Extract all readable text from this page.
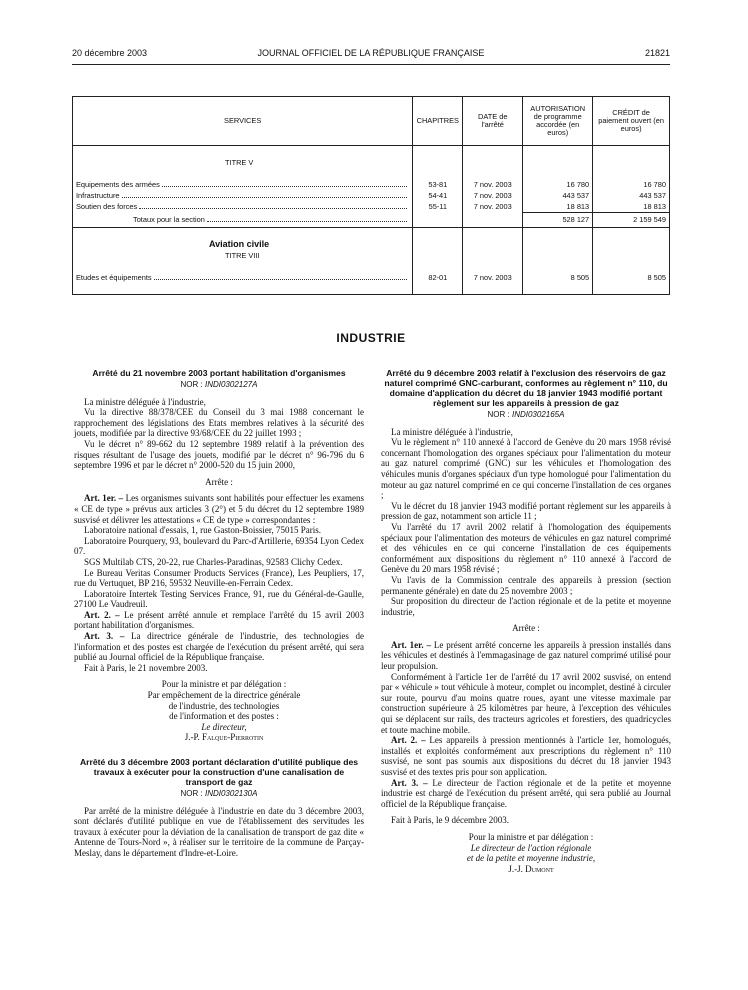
20 décembre 2003	JOURNAL OFFICIEL DE LA RÉPUBLIQUE FRANÇAISE	21821
SERVICES	CHAPITRES	DATE de l'arrêté	AUTORISATION de programme accordée (en euros)	CRÉDIT de paiement ouvert (en euros)

TITRE V				

Equipements des armées	53-81	7 nov. 2003	16 780	16 780

Infrastructure	54-41	7 nov. 2003	443 537	443 537

Soutien des forces	55-11	7 nov. 2003	18 813	18 813

Totaux pour la section			528 127	2 159 549

Aviation civile				
TITRE VIII				

Etudes et équipements	82-01	7 nov. 2003	8 505	8 505

INDUSTRIE

Arrêté du 21 novembre 2003 portant habilitation d'organismes

NOR : INDI0302127A

La ministre déléguée à l'industrie,

Vu la directive 88/378/CEE du Conseil du 3 mai 1988 concernant le rapprochement des législations des Etats membres relatives à la sécurité des jouets, modifiée par la directive 93/68/CEE du 22 juillet 1993 ;

Vu le décret n° 89-662 du 12 septembre 1989 relatif à la prévention des risques résultant de l'usage des jouets, modifié par le décret n° 96-796 du 6 septembre 1996 et par le décret n° 2000-520 du 15 juin 2000,

Arrête :

Art. 1er. – Les organismes suivants sont habilités pour effectuer les examens « CE de type » prévus aux articles 3 (2°) et 5 du décret du 12 septembre 1989 susvisé et délivrer les attestations « CE de type » correspondantes :

Laboratoire national d'essais, 1, rue Gaston-Boissier, 75015 Paris.

Laboratoire Pourquery, 93, boulevard du Parc-d'Artillerie, 69354 Lyon Cedex 07.

SGS Multilab CTS, 20-22, rue Charles-Paradinas, 92583 Clichy Cedex.

Le Bureau Veritas Consumer Products Services (France), Les Peupliers, 17, rue du Vertuquet, BP 216, 59532 Neuville-en-Ferrain Cedex.

Laboratoire Intertek Testing Services France, 91, rue du Général-de-Gaulle, 27100 Le Vaudreuil.

Art. 2. – Le présent arrêté annule et remplace l'arrêté du 15 avril 2003 portant habilitation d'organismes.

Art. 3. – La directrice générale de l'industrie, des technologies de l'information et des postes est chargée de l'exécution du présent arrêté, qui sera publié au Journal officiel de la République française.

Fait à Paris, le 21 novembre 2003.

Pour la ministre et par délégation :

Par empêchement de la directrice générale

de l'industrie, des technologies

de l'information et des postes :

Le directeur,

J.-P. Falque-Pierrotin

Arrêté du 3 décembre 2003 portant déclaration d'utilité publique des travaux à exécuter pour la construction d'une canalisation de transport de gaz

NOR : INDI0302130A

Par arrêté de la ministre déléguée à l'industrie en date du 3 décembre 2003, sont déclarés d'utilité publique en vue de l'établissement des servitudes les travaux à exécuter pour la déviation de la canalisation de transport de gaz dite « Antenne de Tours-Nord », à réaliser sur le territoire de la commune de Parçay-Meslay, dans le département d'Indre-et-Loire.

Arrêté du 9 décembre 2003 relatif à l'exclusion des réservoirs de gaz naturel comprimé GNC-carburant, conformes au règlement n° 110, du domaine d'application du décret du 18 janvier 1943 modifié portant règlement sur les appareils à pression de gaz

NOR : INDI0302165A

La ministre déléguée à l'industrie,

Vu le règlement n° 110 annexé à l'accord de Genève du 20 mars 1958 révisé concernant l'homologation des organes spéciaux pour l'alimentation du moteur au gaz naturel comprimé (GNC) sur les véhicules et l'homologation des véhicules munis d'organes spéciaux d'un type homologué pour l'alimentation du moteur au gaz naturel comprimé en ce qui concerne l'installation de ces organes ;

Vu le décret du 18 janvier 1943 modifié portant règlement sur les appareils à pression de gaz, notamment son article 11 ;

Vu l'arrêté du 17 avril 2002 relatif à l'homologation des équipements spéciaux pour l'alimentation des moteurs de véhicules en gaz naturel comprimé et des véhicules en ce qui concerne l'installation de ces équipements conformément aux dispositions du règlement n° 110 annexé à l'accord de Genève du 20 mars 1958 révisé ;

Vu l'avis de la Commission centrale des appareils à pression (section permanente générale) en date du 25 novembre 2003 ;

Sur proposition du directeur de l'action régionale et de la petite et moyenne industrie,

Arrête :

Art. 1er. – Le présent arrêté concerne les appareils à pression installés dans les véhicules et destinés à l'emmagasinage de gaz naturel comprimé utilisé pour leur propulsion.

Conformément à l'article 1er de l'arrêté du 17 avril 2002 susvisé, on entend par « véhicule » tout véhicule à moteur, complet ou incomplet, destiné à circuler sur route, pourvu d'au moins quatre roues, ayant une vitesse maximale par construction supérieure à 25 kilomètres par heure, à l'exception des véhicules qui se déplacent sur rails, des tracteurs agricoles et forestiers, des quadricycles et toute machine mobile.

Art. 2. – Les appareils à pression mentionnés à l'article 1er, homologués, installés et exploités conformément aux prescriptions du règlement n° 110 susvisé, ne sont pas soumis aux dispositions du décret du 18 janvier 1943 susvisé et des textes pris pour son application.

Art. 3. – Le directeur de l'action régionale et de la petite et moyenne industrie est chargé de l'exécution du présent arrêté, qui sera publié au Journal officiel de la République française.

Fait à Paris, le 9 décembre 2003.

Pour la ministre et par délégation :

Le directeur de l'action régionale

et de la petite et moyenne industrie,

J.-J. Dumont
